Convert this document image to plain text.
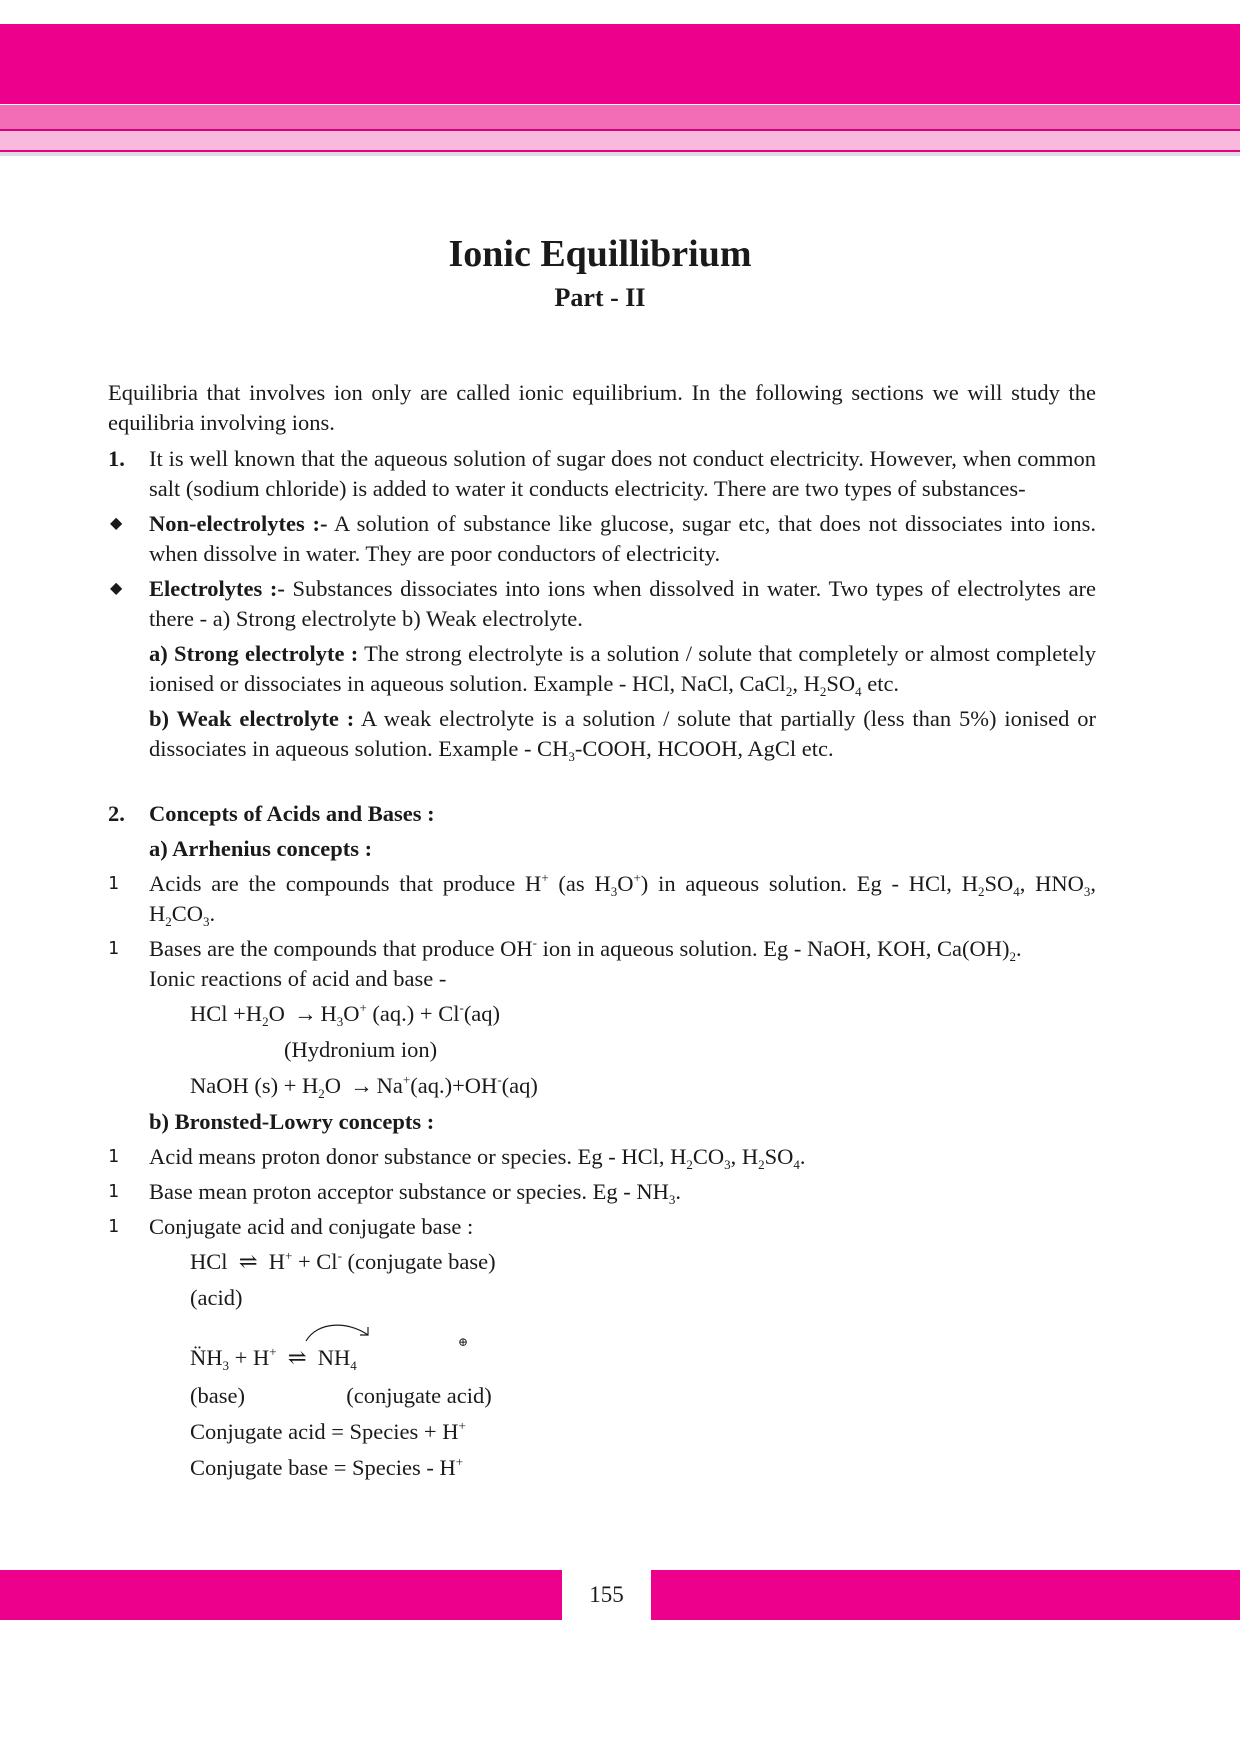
Ionic Equillibrium
Part - II

Equilibria that involves ion only are called ionic equilibrium. In the following sections we will study the equilibria involving ions.

1. It is well known that the aqueous solution of sugar does not conduct electricity. However, when common salt (sodium chloride) is added to water it conducts electricity. There are two types of substances-
◆ Non-electrolytes :- A solution of substance like glucose, sugar etc, that does not dissociates into ions. when dissolve in water. They are poor conductors of electricity.
◆ Electrolytes :- Substances dissociates into ions when dissolved in water. Two types of electrolytes are there - a) Strong electrolyte b) Weak electrolyte.
a) Strong electrolyte : The strong electrolyte is a solution / solute that completely or almost completely ionised or dissociates in aqueous solution. Example - HCl, NaCl, CaCl$_2$, $H_2SO_4$ etc.
b) Weak electrolyte : A weak electrolyte is a solution / solute that partially (less than 5%) ionised or dissociates in aqueous solution. Example - $CH_3$-COOH, HCOOH, AgCl etc.
2. Concepts of Acids and Bases :
a) Arrhenius concepts :
1 Acids are the compounds that produce H+ (as $H_3O^+$) in aqueous solution. Eg - HCl, $H_2SO_4$, $HNO_3$, $H_2CO_3$.
1 Bases are the compounds that produce OH- ion in aqueous solution. Eg - NaOH, KOH, $Ca(OH)_2$.
Ionic reactions of acid and base -
HCl $+H_2O \to H_3O^+$ (aq.) + Cl-(aq)
(Hydronium ion)
NaOH $(s) + H_2O \to Na^+(aq.)+OH^-(aq)$
b) Bronsted-Lowry concepts :
1 Acid means proton donor substance or species. Eg - HCl, $H_2CO_3$, $H_2SO_4$.
1 Base mean proton acceptor substance or species. Eg - $NH_3$.
1 Conjugate acid and conjugate base :
HCl ⇌ H+ + Cl- (conjugate base)
(acid)
$N̈H_3 + H^+$ ⇌ $NH_4$
⊕
(base)	(conjugate acid)
Conjugate acid = Species + H+
Conjugate base = Species - H+
155
